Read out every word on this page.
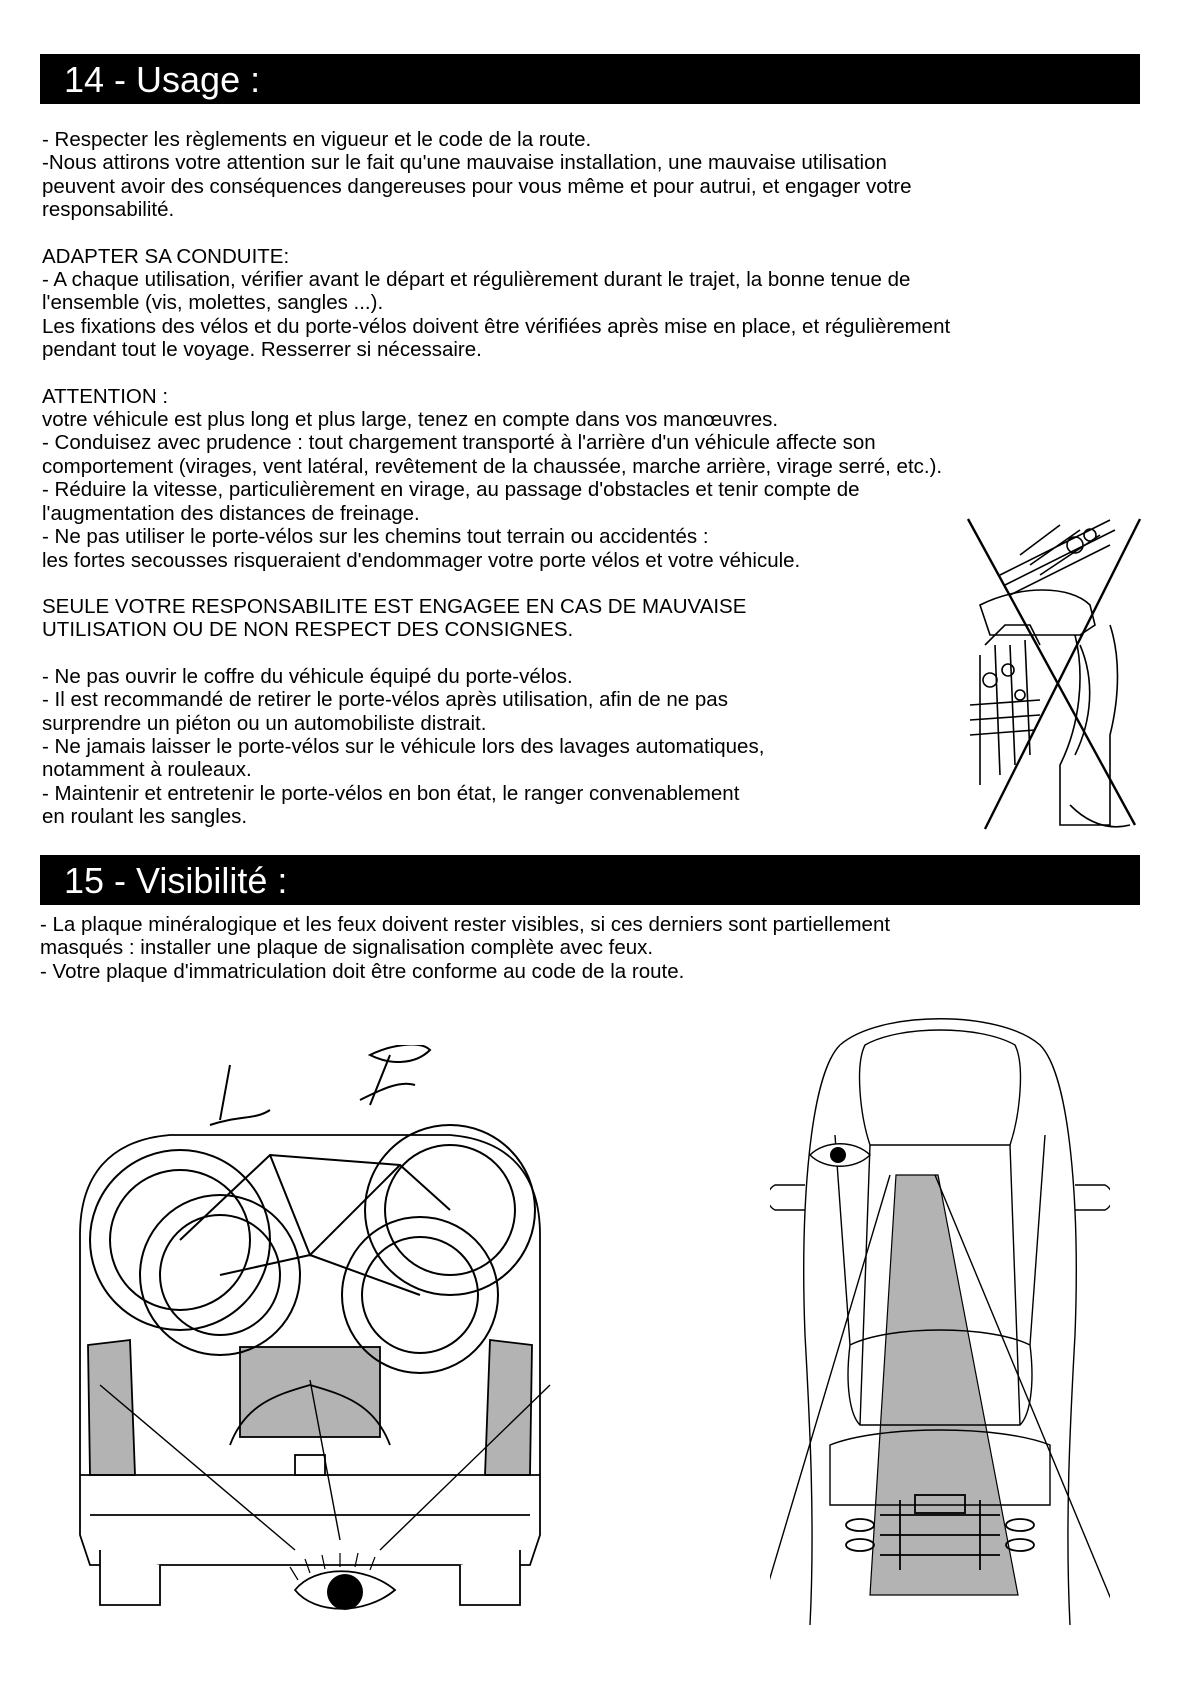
14 - Usage :

- Respecter les règlements en vigueur et le code de la route.

-Nous attirons votre attention sur le fait qu'une mauvaise installation, une mauvaise utilisation

peuvent avoir des conséquences dangereuses pour vous même et pour autrui, et engager votre

responsabilité.

ADAPTER SA CONDUITE:

- A chaque utilisation, vérifier avant le départ et régulièrement durant le trajet, la bonne tenue de

l'ensemble (vis, molettes, sangles ...).

Les fixations des vélos et du porte-vélos doivent être vérifiées après mise en place, et régulièrement

pendant tout le voyage. Resserrer si nécessaire.

ATTENTION :

votre véhicule est plus long et plus large, tenez en compte dans vos manœuvres.

- Conduisez avec prudence : tout chargement transporté à l'arrière d'un véhicule affecte son

comportement (virages, vent latéral, revêtement de la chaussée, marche arrière, virage serré, etc.).

- Réduire la vitesse, particulièrement en virage, au passage d'obstacles et tenir compte de

l'augmentation des distances de freinage.

- Ne pas utiliser le porte-vélos sur les chemins tout terrain ou accidentés :

les fortes secousses risqueraient d'endommager votre porte vélos et votre véhicule.

SEULE VOTRE RESPONSABILITE EST ENGAGEE EN CAS DE MAUVAISE

UTILISATION OU DE NON RESPECT DES CONSIGNES.

- Ne pas ouvrir le coffre du véhicule équipé du porte-vélos.

- Il est recommandé de retirer le porte-vélos après utilisation, afin de ne pas

surprendre un piéton ou un automobiliste distrait.

- Ne jamais laisser le porte-vélos sur le véhicule lors des lavages automatiques,

notamment à rouleaux.

- Maintenir et entretenir le porte-vélos en bon état, le ranger convenablement

en roulant les sangles.

15 - Visibilité :

- La plaque minéralogique et les feux doivent rester visibles, si ces derniers sont partiellement

masqués : installer une plaque de signalisation complète avec feux.

- Votre plaque d'immatriculation doit être conforme au code de la route.
